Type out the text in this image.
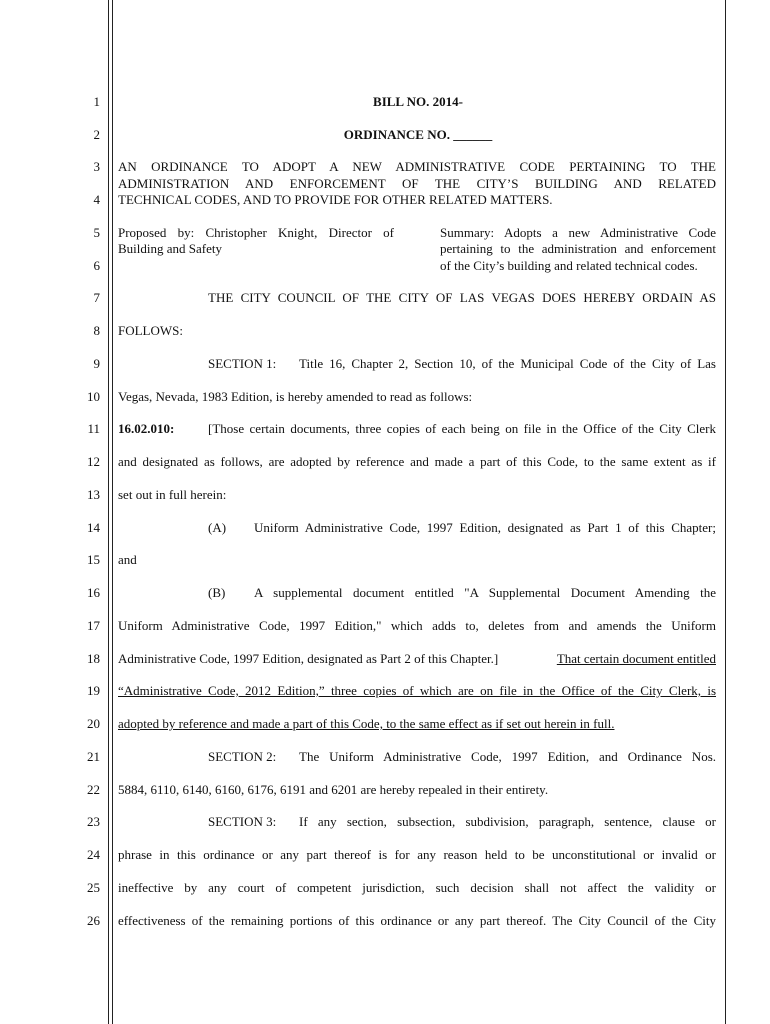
1
2
3
4
5
6
7
8
9
10
11
12
13
14
15
16
17
18
19
20
21
22
23
24
25
26
BILL NO. 2014-
ORDINANCE NO. ______
AN ORDINANCE TO ADOPT A NEW ADMINISTRATIVE CODE PERTAINING TO THE
ADMINISTRATION AND ENFORCEMENT OF THE CITY’S BUILDING AND RELATED
TECHNICAL CODES, AND TO PROVIDE FOR OTHER RELATED MATTERS.
Proposed by: Christopher Knight, Director of
Building and Safety
Summary: Adopts a new Administrative Code
pertaining to the administration and enforcement
of the City’s building and related technical codes.
THE CITY COUNCIL OF THE CITY OF LAS VEGAS DOES HEREBY ORDAIN AS
FOLLOWS:
SECTION 1: Title 16, Chapter 2, Section 10, of the Municipal Code of the City of Las
Vegas, Nevada, 1983 Edition, is hereby amended to read as follows:
16.02.010:	[Those certain documents, three copies of each being on file in the Office of the City Clerk
and designated as follows, are adopted by reference and made a part of this Code, to the same extent as if
set out in full herein:
(A) Uniform Administrative Code, 1997 Edition, designated as Part 1 of this Chapter;
and
(B) A supplemental document entitled "A Supplemental Document Amending the
Uniform Administrative Code, 1997 Edition," which adds to, deletes from and amends the Uniform
Administrative Code, 1997 Edition, designated as Part 2 of this Chapter.]	That certain document entitled
“Administrative Code, 2012 Edition,” three copies of which are on file in the Office of the City Clerk, is
adopted by reference and made a part of this Code, to the same effect as if set out herein in full.
SECTION 2: The Uniform Administrative Code, 1997 Edition, and Ordinance Nos.
5884, 6110, 6140, 6160, 6176, 6191 and 6201 are hereby repealed in their entirety.
SECTION 3: If any section, subsection, subdivision, paragraph, sentence, clause or
phrase in this ordinance or any part thereof is for any reason held to be unconstitutional or invalid or
ineffective by any court of competent jurisdiction, such decision shall not affect the validity or
effectiveness of the remaining portions of this ordinance or any part thereof. The City Council of the City
